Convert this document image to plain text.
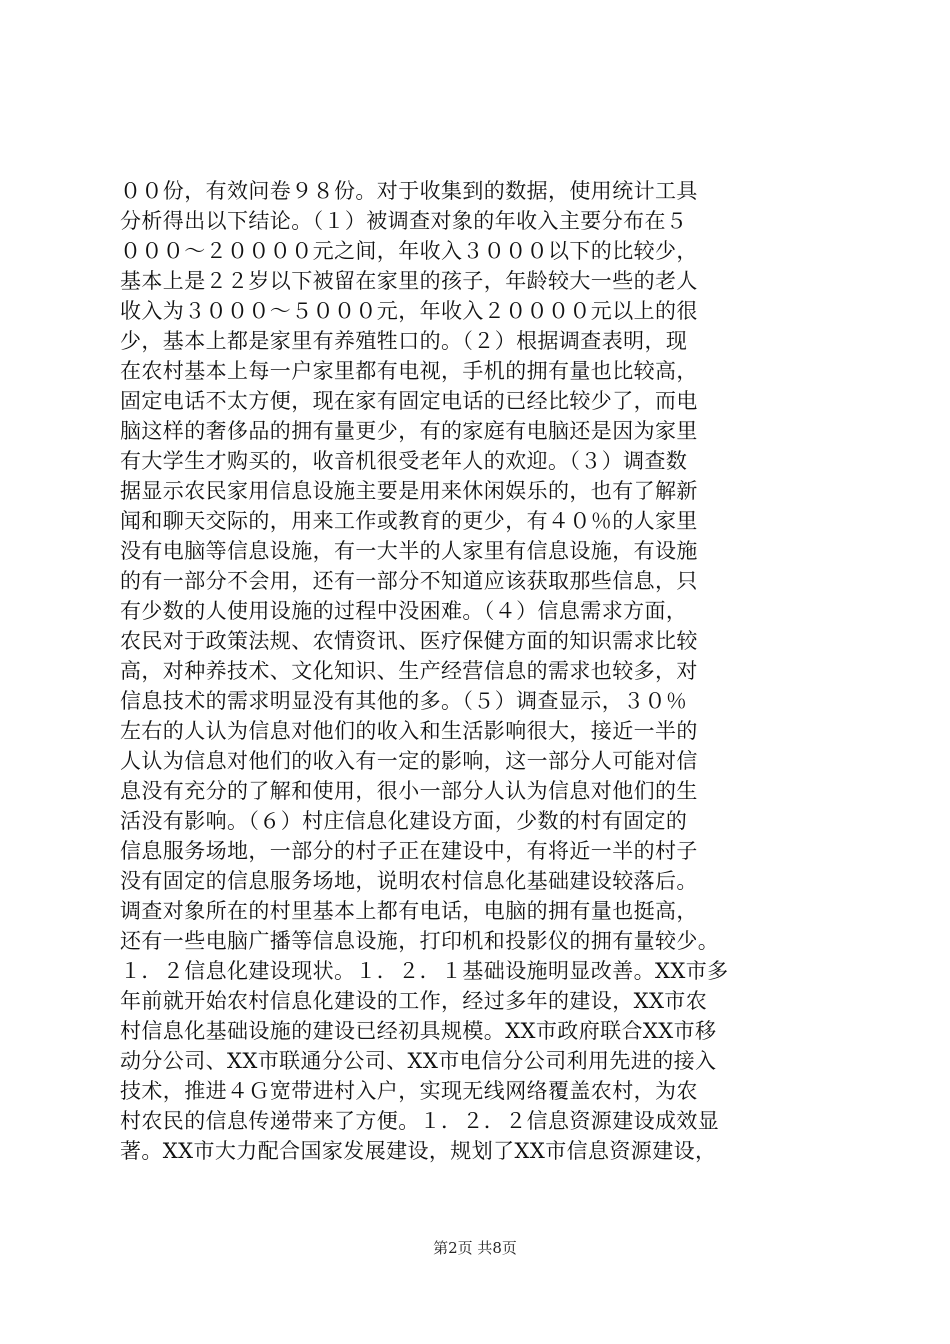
００份，有效问卷９８份。对于收集到的数据，使用统计工具
分析得出以下结论。（１）被调查对象的年收入主要分布在５
０００～２００００元之间，年收入３０００以下的比较少，
基本上是２２岁以下被留在家里的孩子，年龄较大一些的老人
收入为３０００～５０００元，年收入２００００元以上的很
少，基本上都是家里有养殖牲口的。（２）根据调查表明，现
在农村基本上每一户家里都有电视，手机的拥有量也比较高，
固定电话不太方便，现在家有固定电话的已经比较少了，而电
脑这样的奢侈品的拥有量更少，有的家庭有电脑还是因为家里
有大学生才购买的，收音机很受老年人的欢迎。（３）调查数
据显示农民家用信息设施主要是用来休闲娱乐的，也有了解新
闻和聊天交际的，用来工作或教育的更少，有４０％的人家里
没有电脑等信息设施，有一大半的人家里有信息设施，有设施
的有一部分不会用，还有一部分不知道应该获取那些信息，只
有少数的人使用设施的过程中没困难。（４）信息需求方面，
农民对于政策法规、农情资讯、医疗保健方面的知识需求比较
高，对种养技术、文化知识、生产经营信息的需求也较多，对
信息技术的需求明显没有其他的多。（５）调查显示，３０％
左右的人认为信息对他们的收入和生活影响很大，接近一半的
人认为信息对他们的收入有一定的影响，这一部分人可能对信
息没有充分的了解和使用，很小一部分人认为信息对他们的生
活没有影响。（６）村庄信息化建设方面，少数的村有固定的
信息服务场地，一部分的村子正在建设中，有将近一半的村子
没有固定的信息服务场地，说明农村信息化基础建设较落后。
调查对象所在的村里基本上都有电话，电脑的拥有量也挺高，
还有一些电脑广播等信息设施，打印机和投影仪的拥有量较少。
１．２信息化建设现状。１．２．１基础设施明显改善。XX市多
年前就开始农村信息化建设的工作，经过多年的建设，XX市农
村信息化基础设施的建设已经初具规模。XX市政府联合XX市移
动分公司、XX市联通分公司、XX市电信分公司利用先进的接入
技术，推进４Ｇ宽带进村入户，实现无线网络覆盖农村，为农
村农民的信息传递带来了方便。１．２．２信息资源建设成效显
著。XX市大力配合国家发展建设，规划了XX市信息资源建设，
第2页 共8页
